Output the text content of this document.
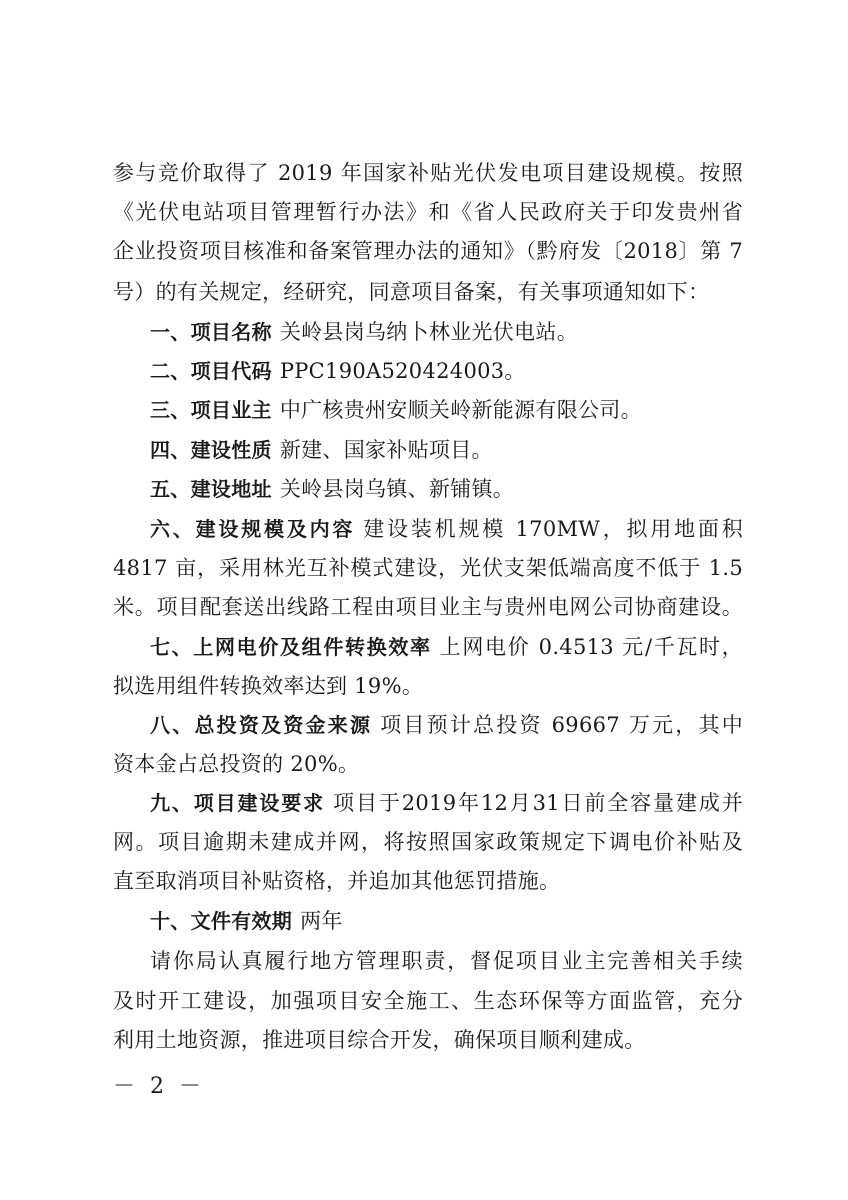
参与竞价取得了 2019 年国家补贴光伏发电项目建设规模。按照
《光伏电站项目管理暂行办法》和《省人民政府关于印发贵州省
企业投资项目核准和备案管理办法的通知》（黔府发〔2018〕第 7
号）的有关规定，经研究，同意项目备案，有关事项通知如下：
一、项目名称 关岭县岗乌纳卜林业光伏电站。
二、项目代码 PPC190A520424003。
三、项目业主 中广核贵州安顺关岭新能源有限公司。
四、建设性质 新建、国家补贴项目。
五、建设地址 关岭县岗乌镇、新铺镇。
六、建设规模及内容 建设装机规模 170MW，拟用地面积
4817 亩，采用林光互补模式建设，光伏支架低端高度不低于 1.5
米。项目配套送出线路工程由项目业主与贵州电网公司协商建设。
七、上网电价及组件转换效率 上网电价 0.4513 元/千瓦时，
拟选用组件转换效率达到 19%。
八、总投资及资金来源 项目预计总投资 69667 万元，其中
资本金占总投资的 20%。
九、项目建设要求 项目于2019年12月31日前全容量建成并
网。项目逾期未建成并网，将按照国家政策规定下调电价补贴及
直至取消项目补贴资格，并追加其他惩罚措施。
十、文件有效期 两年
请你局认真履行地方管理职责，督促项目业主完善相关手续
及时开工建设，加强项目安全施工、生态环保等方面监管，充分
利用土地资源，推进项目综合开发，确保项目顺利建成。
－ 2 －
